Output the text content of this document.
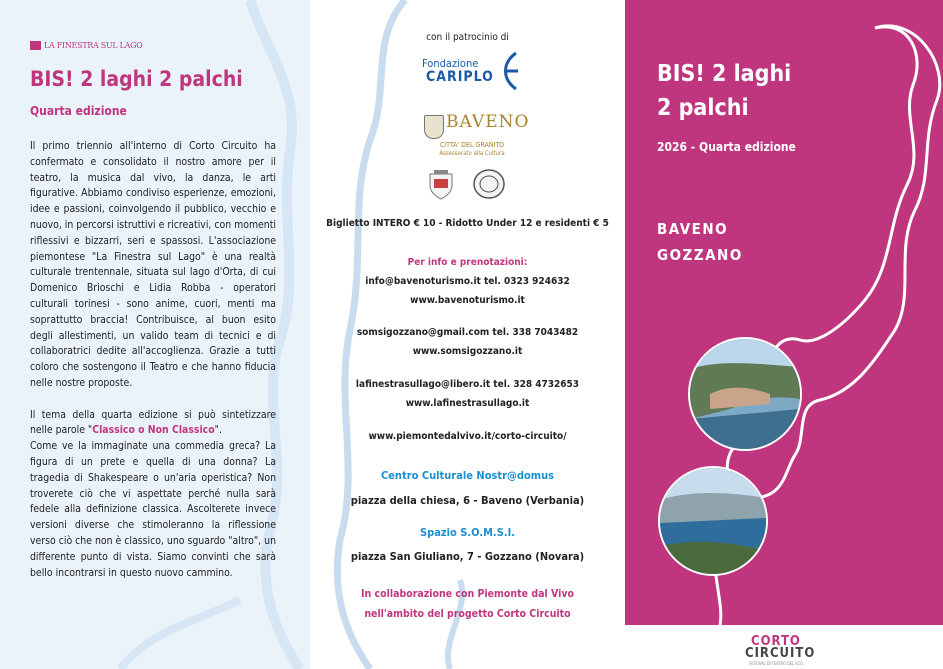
LA FINESTRA SUL LAGO
BIS! 2 laghi 2 palchi
Quarta edizione

Il primo triennio all'interno di Corto Circuito ha confermato e consolidato il nostro amore per il teatro, la musica dal vivo, la danza, le arti figurative. Abbiamo condiviso esperienze, emozioni, idee e passioni, coinvolgendo il pubblico, vecchio e nuovo, in percorsi istruttivi e ricreativi, con momenti riflessivi e bizzarri, seri e spassosi. L'associazione piemontese "La Finestra sul Lago" è una realtà culturale trentennale, situata sul lago d'Orta, di cui Domenico Brioschi e Lidia Robba - operatori culturali torinesi - sono anime, cuori, menti ma soprattutto braccia! Contribuisce, al buon esito degli allestimenti, un valido team di tecnici e di collaboratrici dedite all'accoglienza. Grazie a tutti coloro che sostengono il Teatro e che hanno fiducia nelle nostre proposte.

Il tema della quarta edizione si può sintetizzare nelle parole "Classico o Non Classico".

Come ve la immaginate una commedia greca? La figura di un prete e quella di una donna? La tragedia di Shakespeare o un'aria operistica? Non troverete ciò che vi aspettate perché nulla sarà fedele alla definizione classica. Ascolterete invece versioni diverse che stimoleranno la riflessione verso ciò che non è classico, uno sguardo "altro", un differente punto di vista. Siamo convinti che sarà bello incontrarsi in questo nuovo cammino.

con il patrocinio di
Fondazione
CARIPLO
BAVENO
CITTA' DEL GRANITO
Assessorato alla Cultura
Biglietto INTERO € 10 - Ridotto Under 12 e residenti € 5
Per info e prenotazioni:
info@bavenoturismo.it tel. 0323 924632
www.bavenoturismo.it
somsigozzano@gmail.com tel. 338 7043482
www.somsigozzano.it
lafinestrasullago@libero.it tel. 328 4732653
www.lafinestrasullago.it
www.piemontedalvivo.it/corto-circuito/
Centro Culturale Nostr@domus
piazza della chiesa, 6 - Baveno (Verbania)
Spazio S.O.M.S.I.
piazza San Giuliano, 7 - Gozzano (Novara)
In collaborazione con Piemonte dal Vivo
nell'ambito del progetto Corto Circuito
BIS! 2 laghi
2 palchi
2026 - Quarta edizione
BAVENO
GOZZANO
CORTO
CIRCUITO
FESTIVAL DI TEATRO DEL VCO
